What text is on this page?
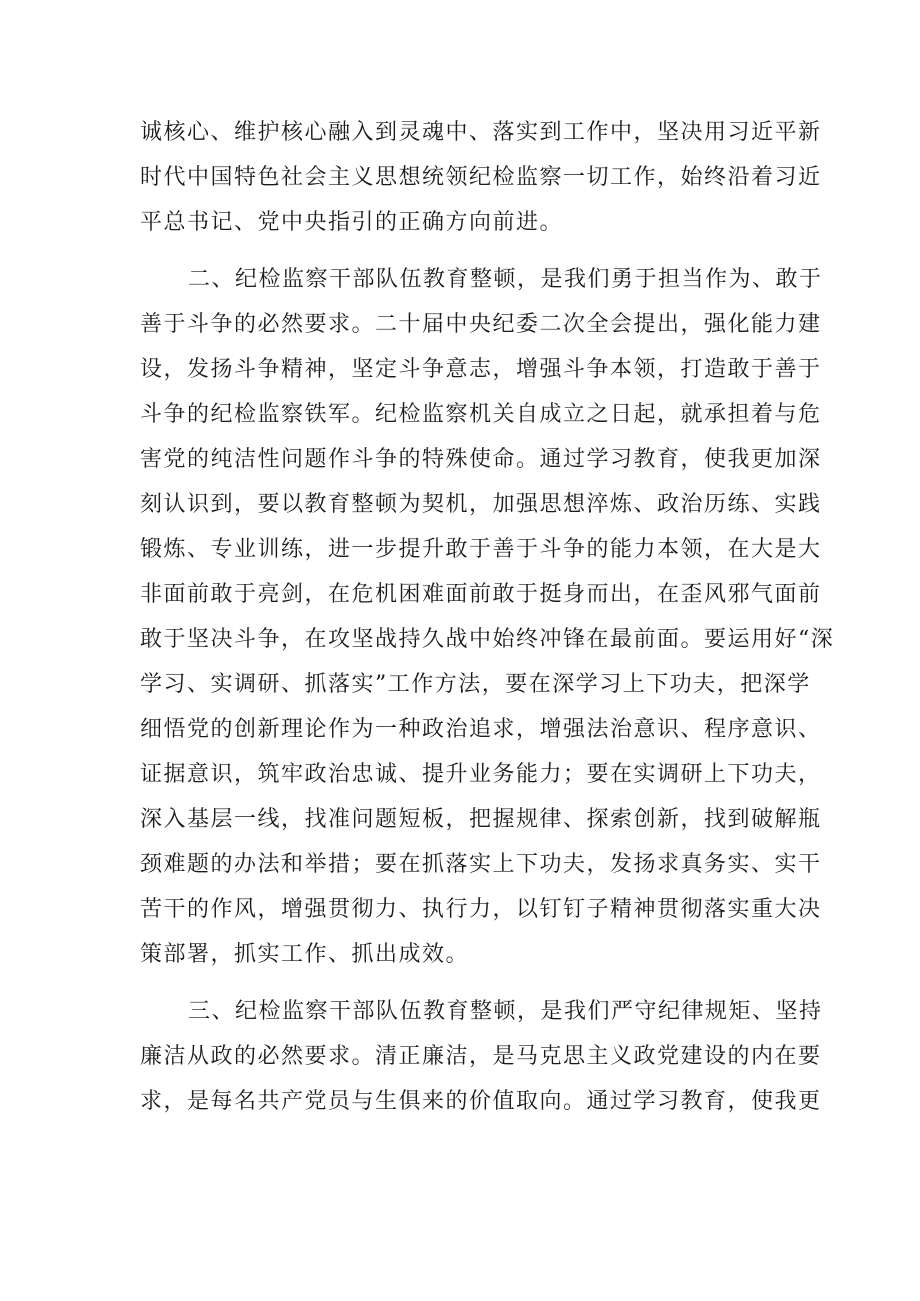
诚核心、维护核心融入到灵魂中、落实到工作中，坚决用习近平新
时代中国特色社会主义思想统领纪检监察一切工作，始终沿着习近
平总书记、党中央指引的正确方向前进。
二、纪检监察干部队伍教育整顿，是我们勇于担当作为、敢于
善于斗争的必然要求。二十届中央纪委二次全会提出，强化能力建
设，发扬斗争精神，坚定斗争意志，增强斗争本领，打造敢于善于
斗争的纪检监察铁军。纪检监察机关自成立之日起，就承担着与危
害党的纯洁性问题作斗争的特殊使命。通过学习教育，使我更加深
刻认识到，要以教育整顿为契机，加强思想淬炼、政治历练、实践
锻炼、专业训练，进一步提升敢于善于斗争的能力本领，在大是大
非面前敢于亮剑，在危机困难面前敢于挺身而出，在歪风邪气面前
敢于坚决斗争，在攻坚战持久战中始终冲锋在最前面。要运用好“深
学习、实调研、抓落实”工作方法，要在深学习上下功夫，把深学
细悟党的创新理论作为一种政治追求，增强法治意识、程序意识、
证据意识，筑牢政治忠诚、提升业务能力；要在实调研上下功夫，
深入基层一线，找准问题短板，把握规律、探索创新，找到破解瓶
颈难题的办法和举措；要在抓落实上下功夫，发扬求真务实、实干
苦干的作风，增强贯彻力、执行力，以钉钉子精神贯彻落实重大决
策部署，抓实工作、抓出成效。
三、纪检监察干部队伍教育整顿，是我们严守纪律规矩、坚持
廉洁从政的必然要求。清正廉洁，是马克思主义政党建设的内在要
求，是每名共产党员与生俱来的价值取向。通过学习教育，使我更
